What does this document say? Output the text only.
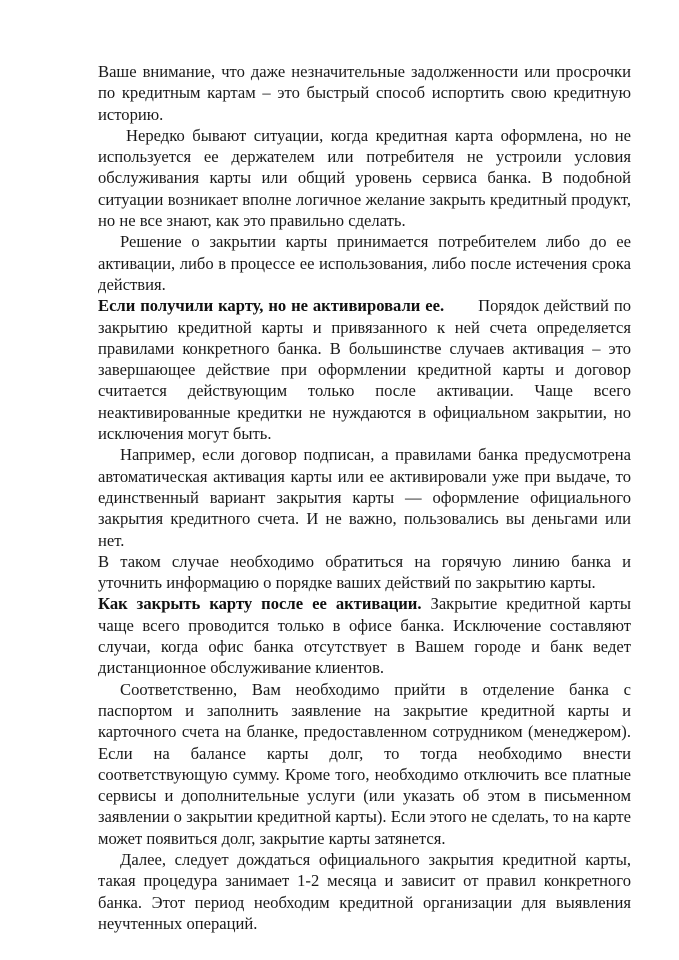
Ваше внимание, что даже незначительные задолженности или просрочки по кредитным картам – это быстрый способ испортить свою кредитную историю.

Нередко бывают ситуации, когда кредитная карта оформлена, но не используется ее держателем или потребителя не устроили условия обслуживания карты или общий уровень сервиса банка. В подобной ситуации возникает вполне логичное желание закрыть кредитный продукт, но не все знают, как это правильно сделать.

Решение о закрытии карты принимается потребителем либо до ее активации, либо в процессе ее использования, либо после истечения срока действия.

Если получили карту, но не активировали ее. Порядок действий по закрытию кредитной карты и привязанного к ней счета определяется правилами конкретного банка. В большинстве случаев активация – это завершающее действие при оформлении кредитной карты и договор считается действующим только после активации. Чаще всего неактивированные кредитки не нуждаются в официальном закрытии, но исключения могут быть.

Например, если договор подписан, а правилами банка предусмотрена автоматическая активация карты или ее активировали уже при выдаче, то единственный вариант закрытия карты — оформление официального закрытия кредитного счета. И не важно, пользовались вы деньгами или нет.

В таком случае необходимо обратиться на горячую линию банка и уточнить информацию о порядке ваших действий по закрытию карты.

Как закрыть карту после ее активации. Закрытие кредитной карты чаще всего проводится только в офисе банка. Исключение составляют случаи, когда офис банка отсутствует в Вашем городе и банк ведет дистанционное обслуживание клиентов.

Соответственно, Вам необходимо прийти в отделение банка с паспортом и заполнить заявление на закрытие кредитной карты и карточного счета на бланке, предоставленном сотрудником (менеджером). Если на балансе карты долг, то тогда необходимо внести соответствующую сумму. Кроме того, необходимо отключить все платные сервисы и дополнительные услуги (или указать об этом в письменном заявлении о закрытии кредитной карты). Если этого не сделать, то на карте может появиться долг, закрытие карты затянется.

Далее, следует дождаться официального закрытия кредитной карты, такая процедура занимает 1-2 месяца и зависит от правил конкретного банка. Этот период необходим кредитной организации для выявления неучтенных операций.
